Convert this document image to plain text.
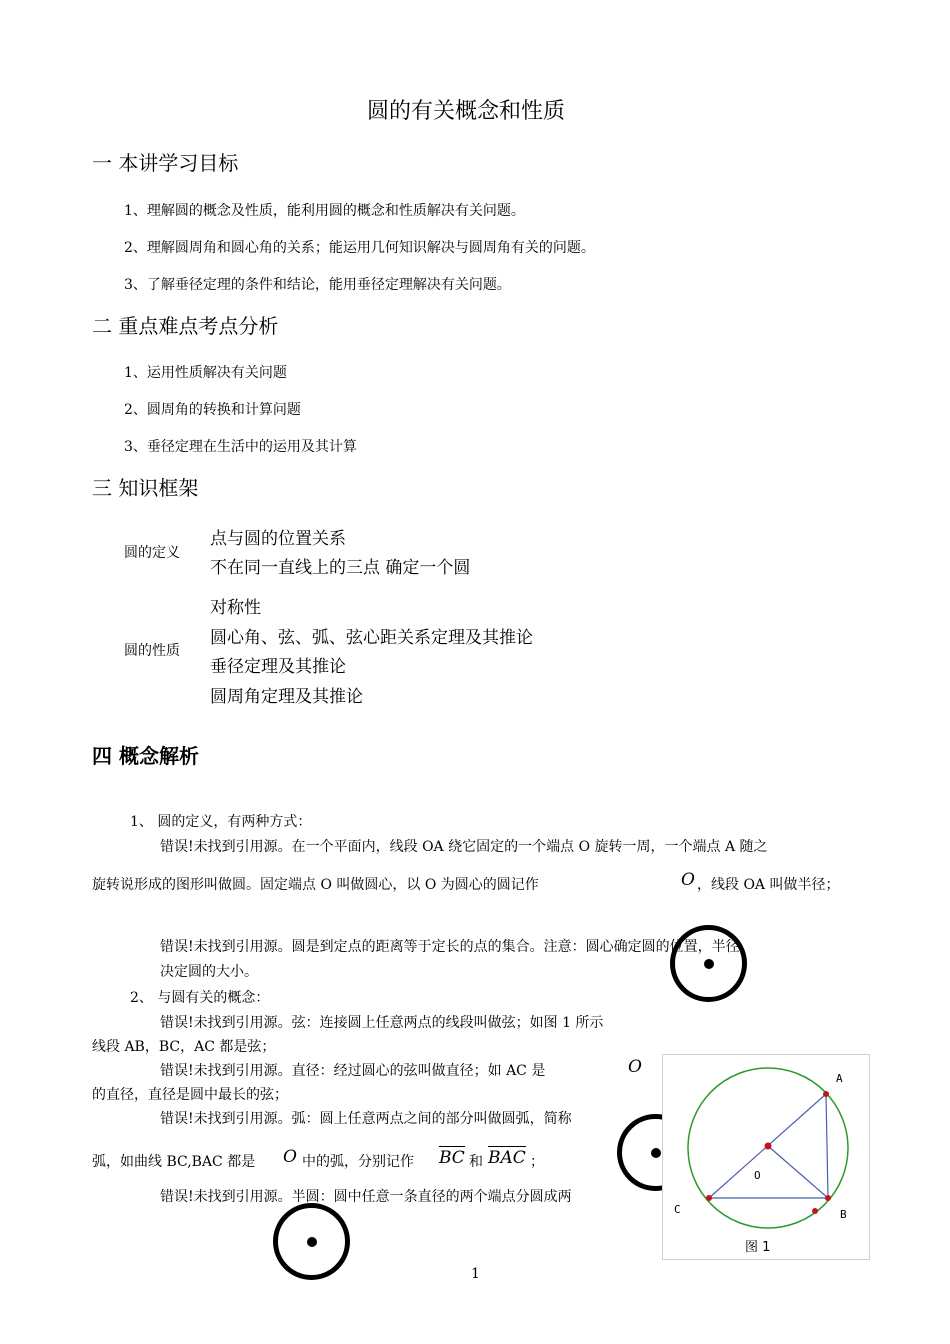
圆的有关概念和性质
一 本讲学习目标
1、理解圆的概念及性质，能利用圆的概念和性质解决有关问题。
2、理解圆周角和圆心角的关系；能运用几何知识解决与圆周角有关的问题。
3、了解垂径定理的条件和结论，能用垂径定理解决有关问题。
二 重点难点考点分析
1、运用性质解决有关问题
2、圆周角的转换和计算问题
3、垂径定理在生活中的运用及其计算
三 知识框架
圆的定义
点与圆的位置关系
不在同一直线上的三点 确定一个圆
圆的性质
对称性
圆心角、弦、弧、弦心距关系定理及其推论
垂径定理及其推论
圆周角定理及其推论
四 概念解析
1、 圆的定义，有两种方式：
错误!未找到引用源。在一个平面内，线段 OA 绕它固定的一个端点 O 旋转一周，一个端点 A 随之
旋转说形成的图形叫做圆。固定端点 O 叫做圆心，以 O 为圆心的圆记作	O ，线段 OA 叫做半径；
错误!未找到引用源。圆是到定点的距离等于定长的点的集合。注意：圆心确定圆的位置，半径
决定圆的大小。
2、 与圆有关的概念：
错误!未找到引用源。弦：连接圆上任意两点的线段叫做弦；如图 1 所示
线段 AB，BC，AC 都是弦；
错误!未找到引用源。直径：经过圆心的弦叫做直径；如 AC 是	O
的直径，直径是圆中最长的弦；
错误!未找到引用源。弧：圆上任意两点之间的部分叫做圆弧，简称
弧，如曲线 BC,BAC 都是 O 中的弧，分别记作 BC 和 BAC ；
错误!未找到引用源。半圆：圆中任意一条直径的两个端点分圆成两
A
B
C
O
图 1
1
